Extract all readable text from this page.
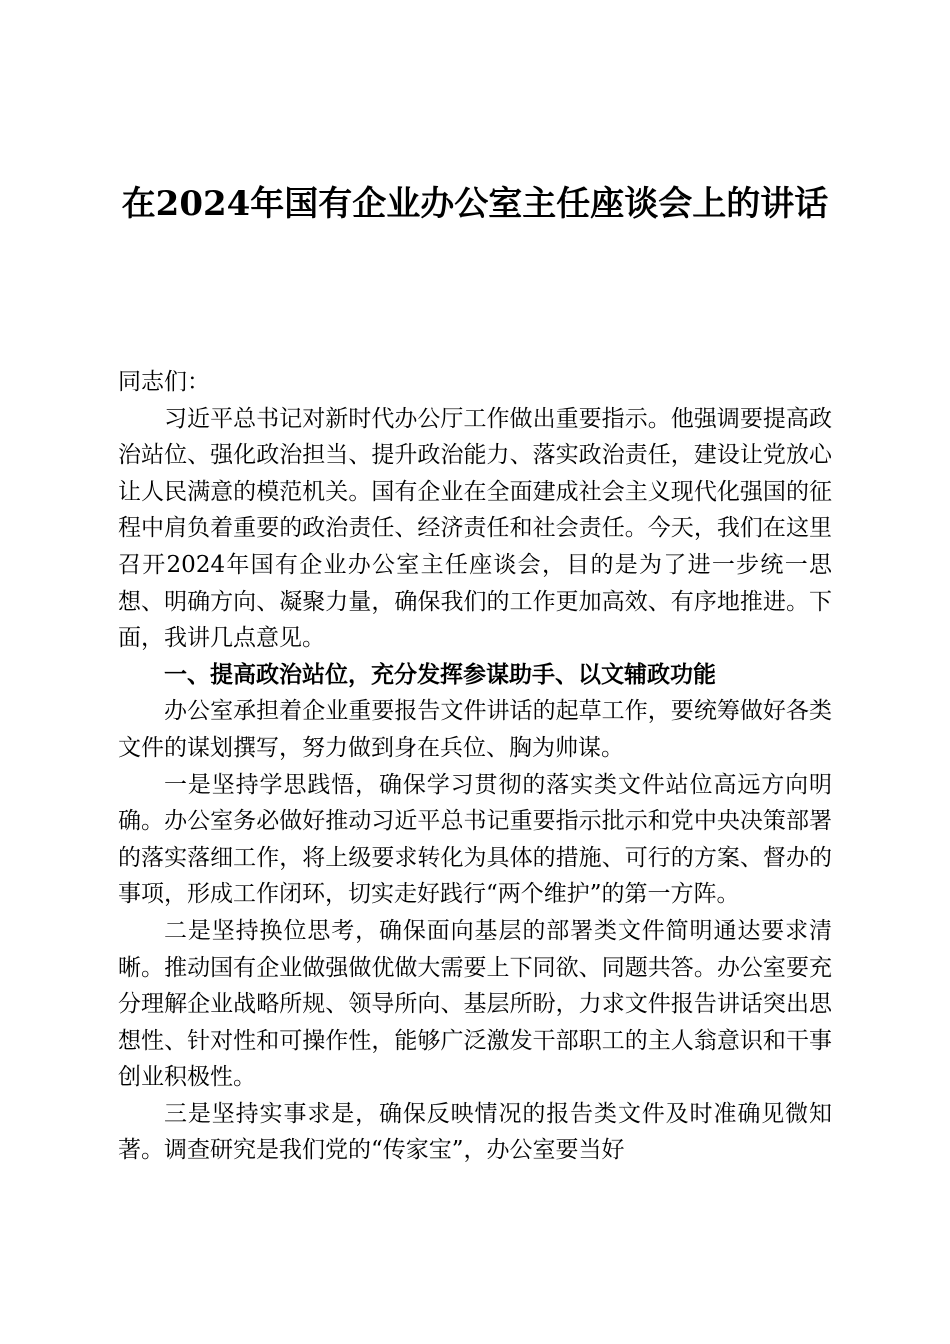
在2024年国有企业办公室主任座谈会上的讲话

同志们：

习近平总书记对新时代办公厅工作做出重要指示。他强调要提高政治站位、强化政治担当、提升政治能力、落实政治责任，建设让党放心让人民满意的模范机关。国有企业在全面建成社会主义现代化强国的征程中肩负着重要的政治责任、经济责任和社会责任。今天，我们在这里召开2024年国有企业办公室主任座谈会，目的是为了进一步统一思想、明确方向、凝聚力量，确保我们的工作更加高效、有序地推进。下面，我讲几点意见。

一、提高政治站位，充分发挥参谋助手、以文辅政功能

办公室承担着企业重要报告文件讲话的起草工作，要统筹做好各类文件的谋划撰写，努力做到身在兵位、胸为帅谋。

一是坚持学思践悟，确保学习贯彻的落实类文件站位高远方向明确。办公室务必做好推动习近平总书记重要指示批示和党中央决策部署的落实落细工作，将上级要求转化为具体的措施、可行的方案、督办的事项，形成工作闭环，切实走好践行“两个维护”的第一方阵。

二是坚持换位思考，确保面向基层的部署类文件简明通达要求清晰。推动国有企业做强做优做大需要上下同欲、同题共答。办公室要充分理解企业战略所规、领导所向、基层所盼，力求文件报告讲话突出思想性、针对性和可操作性，能够广泛激发干部职工的主人翁意识和干事创业积极性。

三是坚持实事求是，确保反映情况的报告类文件及时准确见微知著。调查研究是我们党的“传家宝”，办公室要当好
